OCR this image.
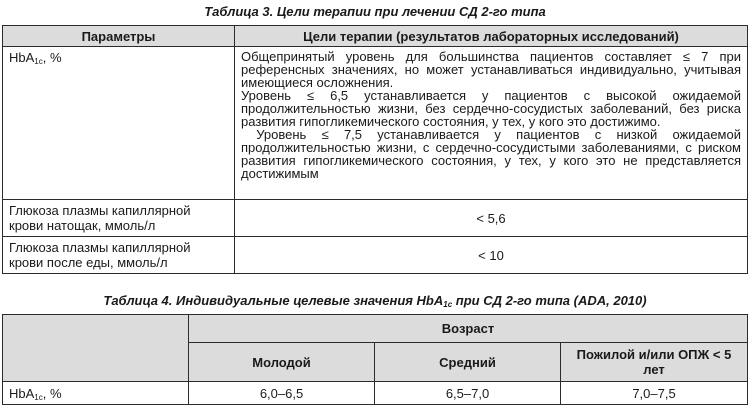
Таблица 3. Цели терапии при лечении СД 2-го типа
Параметры	Цели терапии (результатов лабораторных исследований)
HbA$_{1c}$, %	Общепринятый уровень для большинства пациентов составляет ≤ 7 при референсных значениях, но может устанавливаться индивидуально, учитывая имеющиеся осложнения.

Уровень ≤ 6,5 устанавливается у пациентов с высокой ожидаемой продолжительностью жизни, без сердечно-сосудистых заболеваний, без риска развития гипогликемического состояния, у тех, у кого это достижимо.

Уровень ≤ 7,5 устанавливается у пациентов с низкой ожидаемой продолжительностью жизни, с сердечно-сосудистыми заболеваниями, с риском развития гипогликемического состояния, у тех, у кого это не представляется достижимым

Глюкоза плазмы капиллярной крови натощак, ммоль/л	< 5,6
Глюкоза плазмы капиллярной крови после еды, ммоль/л	< 10
Таблица 4. Индивидуальные целевые значения HbA$_{1c}$ при СД 2-го типа (ADA, 2010)
	Возраст		
	Молодой	Средний	Пожилой и/или ОПЖ < 5 лет
HbA$_{1c}$, %	6,0–6,5	6,5–7,0	7,0–7,5
